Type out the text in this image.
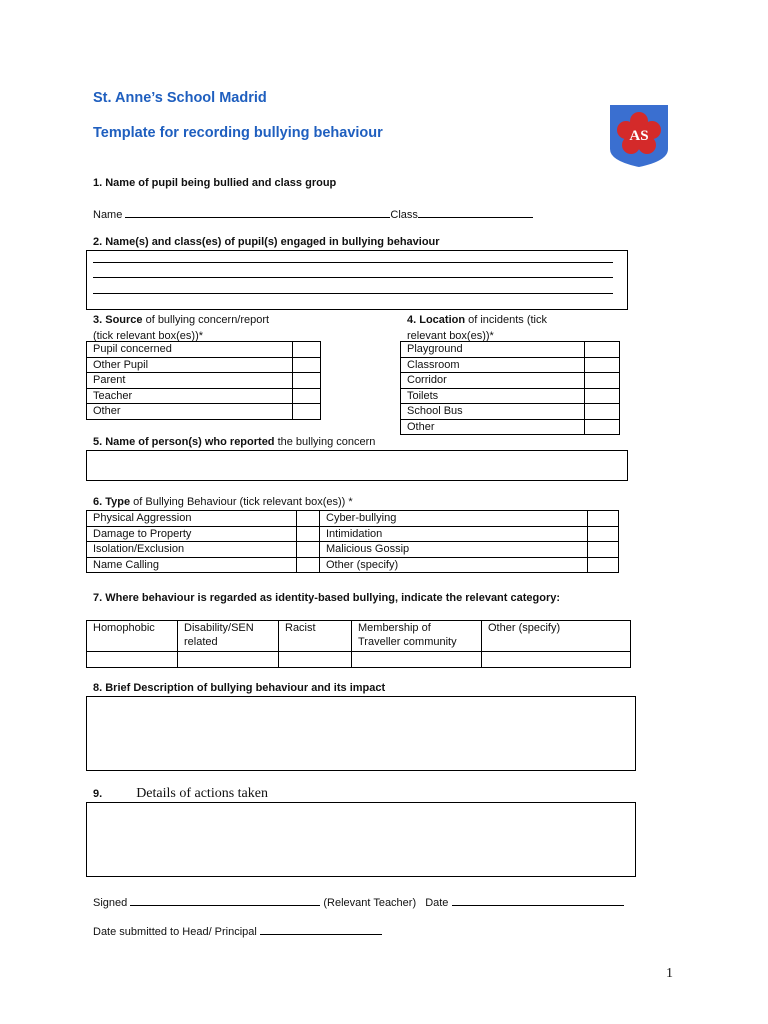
St. Anne’s School Madrid
Template for recording bullying behaviour	AS
1. Name of pupil being bullied and class group
Name	Class
2. Name(s) and class(es) of pupil(s) engaged in bullying behaviour
3. Source of bullying concern/report
(tick relevant box(es))*
Pupil concerned	
Other Pupil	
Parent	
Teacher	
Other	
4. Location of incidents (tick
relevant box(es))*
Playground	
Classroom	
Corridor	
Toilets	
School Bus	
Other	
5. Name of person(s) who reported the bullying concern
6. Type of Bullying Behaviour (tick relevant box(es)) *
Physical Aggression		Cyber-bullying	
Damage to Property		Intimidation	
Isolation/Exclusion		Malicious Gossip	
Name Calling		Other (specify)	
7. Where behaviour is regarded as identity-based bullying, indicate the relevant category:
Homophobic	Disability/SEN related	Racist	Membership of Traveller community	Other (specify)

8. Brief Description of bullying behaviour and its impact
9. Details of actions taken
Signed	(Relevant Teacher) Date
Date submitted to Head/ Principal
1
